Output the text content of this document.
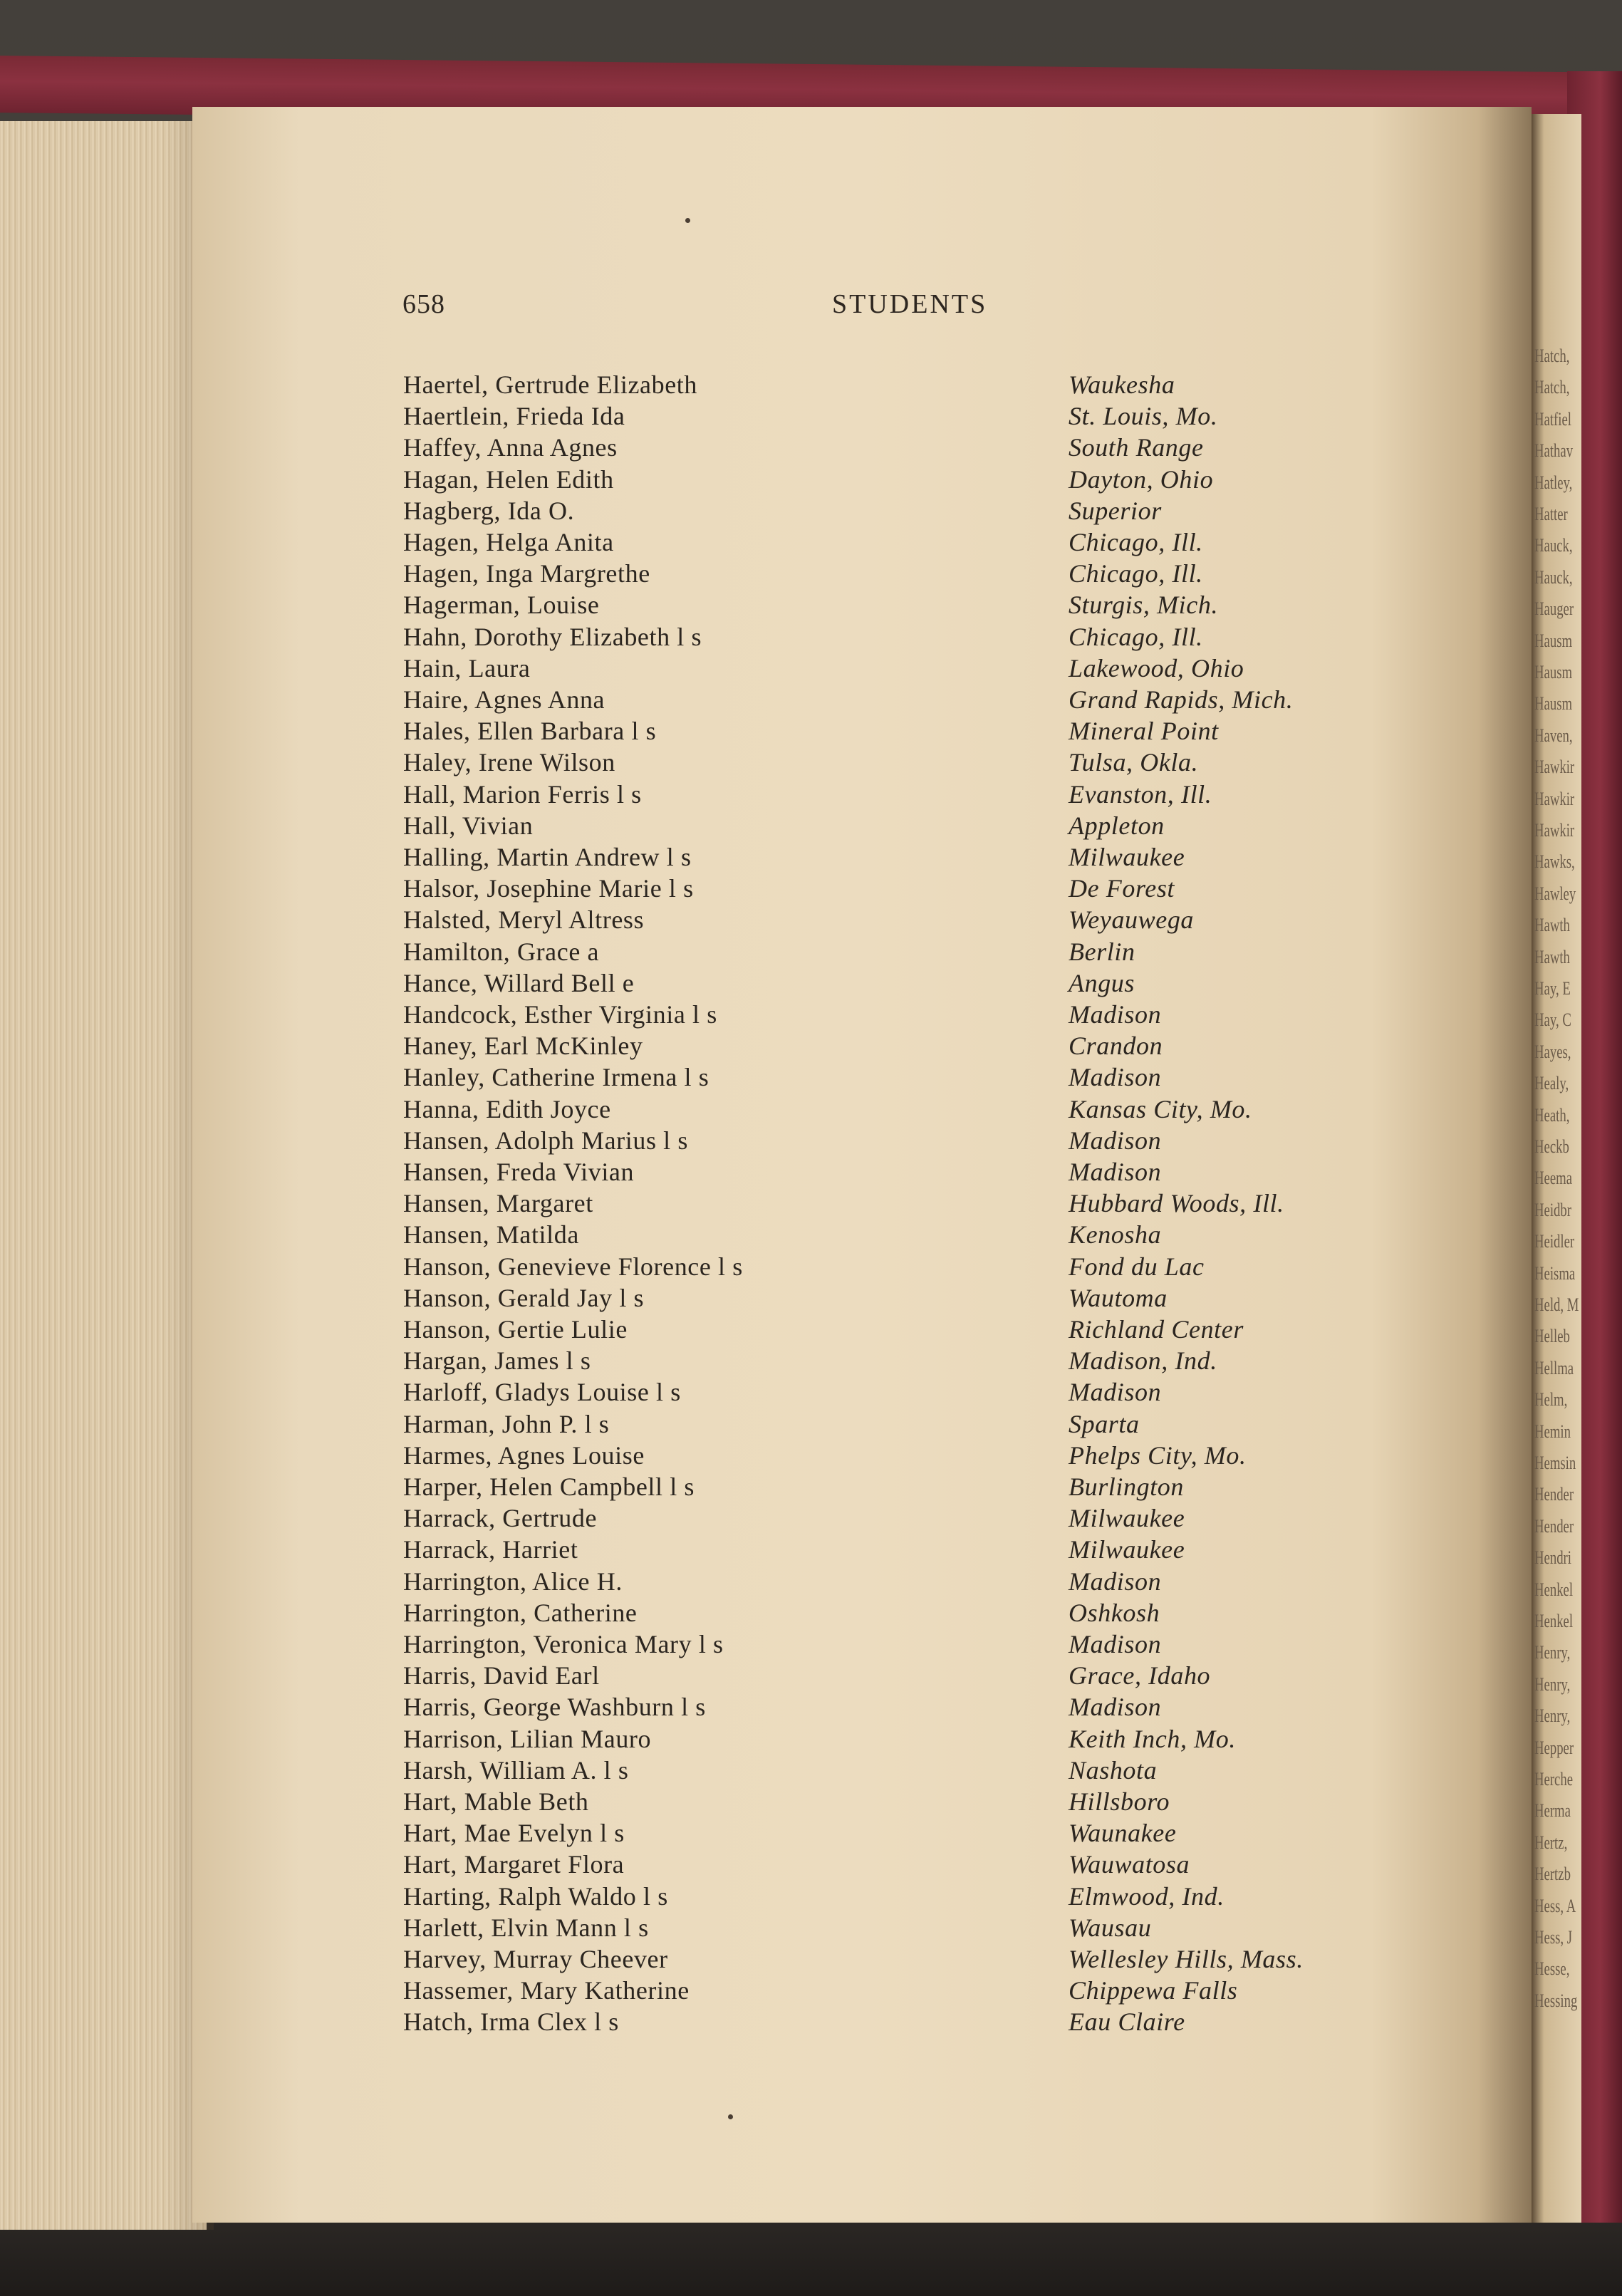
Hatch,
Hatch,
Hatfiel
Hathav
Hatley,
Hatter
Hauck,
Hauck,
Hauger
Hausm
Hausm
Hausm
Haven,
Hawkir
Hawkir
Hawkir
Hawks,
Hawley
Hawth
Hawth
Hay, E
Hay, C
Hayes,
Healy,
Heath,
Heckb
Heema
Heidbr
Heidler
Heisma
Held, M
Helleb
Hellma
Helm,
Hemin
Hemsin
Hender
Hender
Hendri
Henkel
Henkel
Henry,
Henry,
Henry,
Hepper
Herche
Herma
Hertz,
Hertzb
Hess, A
Hess, J
Hesse,
Hessing
658	STUDENTS
Haertel, Gertrude Elizabeth	Waukesha
Haertlein, Frieda Ida	St. Louis, Mo.
Haffey, Anna Agnes	South Range
Hagan, Helen Edith	Dayton, Ohio
Hagberg, Ida O.	Superior
Hagen, Helga Anita	Chicago, Ill.
Hagen, Inga Margrethe	Chicago, Ill.
Hagerman, Louise	Sturgis, Mich.
Hahn, Dorothy Elizabeth l s	Chicago, Ill.
Hain, Laura	Lakewood, Ohio
Haire, Agnes Anna	Grand Rapids, Mich.
Hales, Ellen Barbara l s	Mineral Point
Haley, Irene Wilson	Tulsa, Okla.
Hall, Marion Ferris l s	Evanston, Ill.
Hall, Vivian	Appleton
Halling, Martin Andrew l s	Milwaukee
Halsor, Josephine Marie l s	De Forest
Halsted, Meryl Altress	Weyauwega
Hamilton, Grace a	Berlin
Hance, Willard Bell e	Angus
Handcock, Esther Virginia l s	Madison
Haney, Earl McKinley	Crandon
Hanley, Catherine Irmena l s	Madison
Hanna, Edith Joyce	Kansas City, Mo.
Hansen, Adolph Marius l s	Madison
Hansen, Freda Vivian	Madison
Hansen, Margaret	Hubbard Woods, Ill.
Hansen, Matilda	Kenosha
Hanson, Genevieve Florence l s	Fond du Lac
Hanson, Gerald Jay l s	Wautoma
Hanson, Gertie Lulie	Richland Center
Hargan, James l s	Madison, Ind.
Harloff, Gladys Louise l s	Madison
Harman, John P. l s	Sparta
Harmes, Agnes Louise	Phelps City, Mo.
Harper, Helen Campbell l s	Burlington
Harrack, Gertrude	Milwaukee
Harrack, Harriet	Milwaukee
Harrington, Alice H.	Madison
Harrington, Catherine	Oshkosh
Harrington, Veronica Mary l s	Madison
Harris, David Earl	Grace, Idaho
Harris, George Washburn l s	Madison
Harrison, Lilian Mauro	Keith Inch, Mo.
Harsh, William A. l s	Nashota
Hart, Mable Beth	Hillsboro
Hart, Mae Evelyn l s	Waunakee
Hart, Margaret Flora	Wauwatosa
Harting, Ralph Waldo l s	Elmwood, Ind.
Harlett, Elvin Mann l s	Wausau
Harvey, Murray Cheever	Wellesley Hills, Mass.
Hassemer, Mary Katherine	Chippewa Falls
Hatch, Irma Clex l s	Eau Claire
